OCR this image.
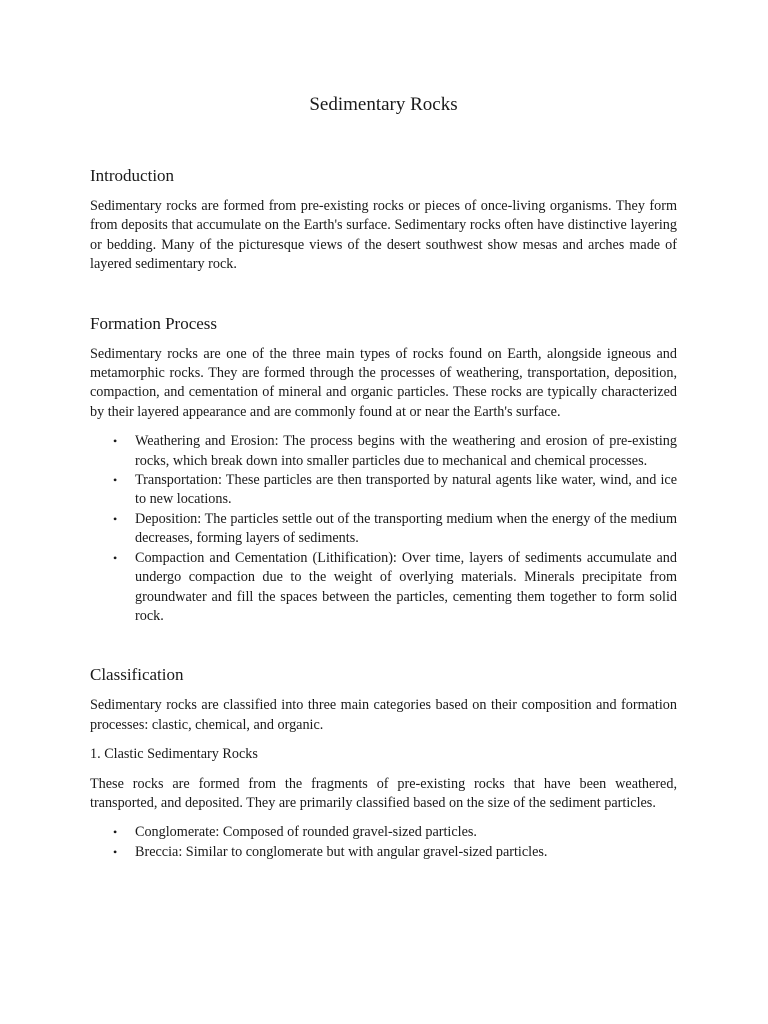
Sedimentary Rocks
Introduction

Sedimentary rocks are formed from pre-existing rocks or pieces of once-living organisms. They form from deposits that accumulate on the Earth's surface. Sedimentary rocks often have distinctive layering or bedding. Many of the picturesque views of the desert southwest show mesas and arches made of layered sedimentary rock.

Formation Process

Sedimentary rocks are one of the three main types of rocks found on Earth, alongside igneous and metamorphic rocks. They are formed through the processes of weathering, transportation, deposition, compaction, and cementation of mineral and organic particles. These rocks are typically characterized by their layered appearance and are commonly found at or near the Earth's surface.

• Weathering and Erosion: The process begins with the weathering and erosion of pre-existing rocks, which break down into smaller particles due to mechanical and chemical processes.
• Transportation: These particles are then transported by natural agents like water, wind, and ice to new locations.
• Deposition: The particles settle out of the transporting medium when the energy of the medium decreases, forming layers of sediments.
• Compaction and Cementation (Lithification): Over time, layers of sediments accumulate and undergo compaction due to the weight of overlying materials. Minerals precipitate from groundwater and fill the spaces between the particles, cementing them together to form solid rock.
Classification

Sedimentary rocks are classified into three main categories based on their composition and formation processes: clastic, chemical, and organic.

1. Clastic Sedimentary Rocks

These rocks are formed from the fragments of pre-existing rocks that have been weathered, transported, and deposited. They are primarily classified based on the size of the sediment particles.

• Conglomerate: Composed of rounded gravel-sized particles.
• Breccia: Similar to conglomerate but with angular gravel-sized particles.
